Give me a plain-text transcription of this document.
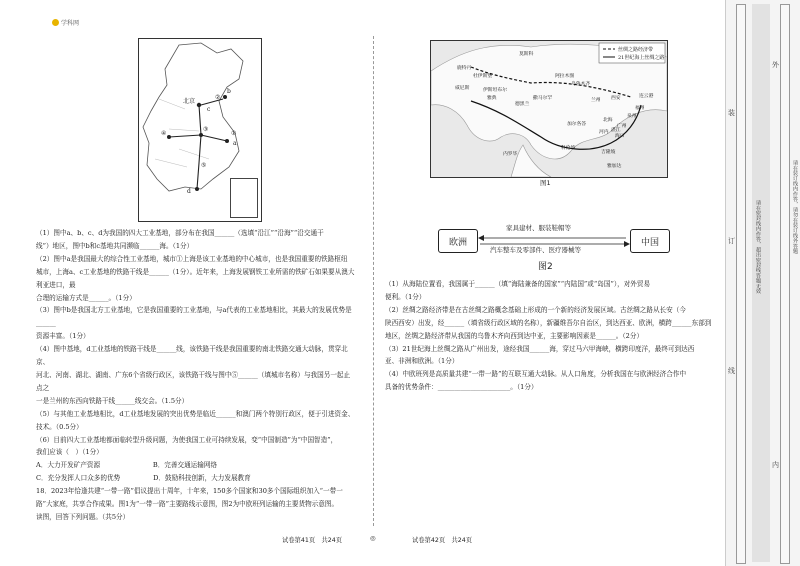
学科网
北京
a
b
c
d
①
②
③
④
⑤

（1）图中a、b、c、d为我国的四大工业基地，部分布在我国______（选填“沿江”“沿海”“沿交通干

线”）地区，图中b和c基地共同濒临______海。（1分）

（2）图中a是我国最大的综合性工业基地，城市①上海是该工业基地的中心城市，也是我国重要的铁路枢纽

城市，上海a、c工业基地的铁路干线是______（1分）。近年来，上海发展钢铁工业所需的铁矿石如果要从澳大利亚进口，最

合理的运输方式是______。（1分）

（3）图中b是我国北方工业基地，它是我国重要的工业基地，与a代表的工业基地相比，其最大的发展优势是______

资源丰富。（1分）

（4）图中基地，d工业基地的铁路干线是______线，该铁路干线是我国重要的南北铁路交通大动脉，贯穿北京、

河北、河南、湖北、湖南、广东6个省级行政区，该铁路干线与图中⑤______（填城市名称）与我国另一起止点之

一是兰州的东西向铁路干线______线交会。（1.5分）

（5）与其他工业基地相比，d工业基地发展的突出优势是临近______和澳门两个特别行政区，便于引进资金、

技术。（0.5分）

（6）目前四大工业基地都面临转型升级问题，为使我国工业可持续发展，变“中国制造”为“中国智造”，

我们应该（　）（1分）

A．大力开发矿产资源　　　　　　　　B．完善交通运输网络

C．充分发挥人口众多的优势　　　　　D．鼓励科技创新，大力发展教育

18．2023年恰逢共建“一带一路”倡议提出十周年，十年来，150多个国家和30多个国际组织加入“一带一

路”大家庭，共享合作成果。图1为“一带一路”主要路线示意图，图2为中欧班列运输的主要货物示意图。

读图，回答下列问题。（共5分）

丝绸之路经济带
21世纪海上丝绸之路
莫斯科
鹿特丹
杜伊斯堡
威尼斯	伊斯坦布尔
阿拉木图
撒马尔罕
德黑兰
乌鲁木齐
兰州 西安	连云港
泉州
福州
加尔各答
科伦坡
内罗毕	吉隆坡
雅加达
雅典
广州
河内
海口
北海
湛江
图1
欧洲	中国
家具建材、服装鞋帽等
汽车整车及零部件、医疗器械等
图2

（1）从海陆位置看，我国属于______（填“海陆兼备的国家”“内陆国”或“岛国”），对外贸易

便利。（1分）

（2）丝绸之路经济带是在古丝绸之路概念基础上形成的一个新的经济发展区域。古丝绸之路从长安（今

陕西西安）出发，经______（填省级行政区域的名称），新疆维吾尔自治区，到达西亚、欧洲，横跨______东部到

地区，丝绸之路经济带从我国的乌鲁木齐向西到达中亚，主要影响因素是______。（2分）

（3）21世纪海上丝绸之路从广州出发，途经我国______海，穿过马六甲海峡，横跨印度洋，最终可到达西

亚、非洲和欧洲。（1分）

（4）中欧班列是高质量共建“一带一路”的互联互通大动脉。从人口角度，分析我国在与欧洲经济合作中

具备的优势条件：______________________。（1分）

试卷第41页　共24页	◎	试卷第42页　共24页
请在密封线内作答，超出密封线答题无效	请在装订线内作答，请勿在装订线外答题
装
订
线
外
内
